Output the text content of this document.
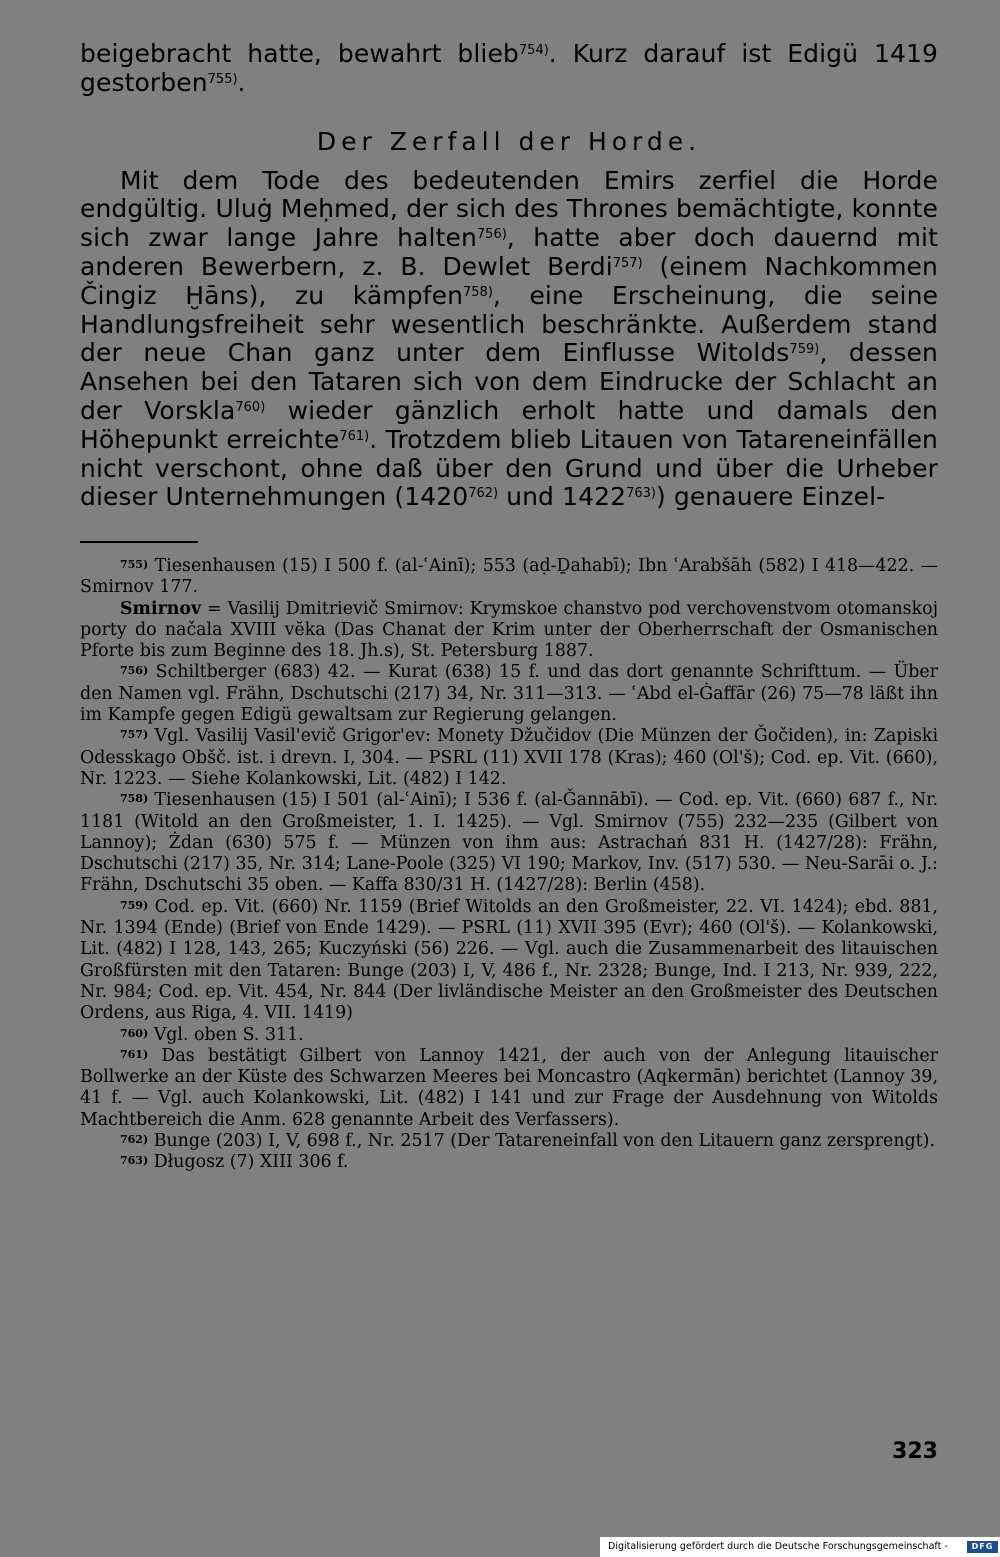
beigebracht hatte, bewahrt blieb$^{754)}$. Kurz darauf ist Edigü 1419 gestorben$^{755)}$.

Der Zerfall der Horde.

Mit dem Tode des bedeutenden Emirs zerfiel die Horde endgültig. Uluġ Meḥmed, der sich des Thrones bemächtigte, konnte sich zwar lange Jahre halten$^{756)}$, hatte aber doch dauernd mit anderen Bewerbern, z. B. Dewlet Berdi$^{757)}$ (einem Nachkommen Čingiz Ḫāns), zu kämpfen$^{758)}$, eine Erscheinung, die seine Handlungsfreiheit sehr wesentlich beschränkte. Außerdem stand der neue Chan ganz unter dem Einflusse Witolds$^{759)}$, dessen Ansehen bei den Tataren sich von dem Eindrucke der Schlacht an der Vorskla$^{760)}$ wieder gänzlich erholt hatte und damals den Höhepunkt erreichte$^{761)}$. Trotzdem blieb Litauen von Tatareneinfällen nicht verschont, ohne daß über den Grund und über die Urheber dieser Unternehmungen (1420$^{762)}$ und 1422$^{763)}$) genauere Einzel-

$^{755)}$ Tiesenhausen (15) I 500 f. (al-ʿAinī); 553 (aḍ-Ḏahabī); Ibn ʿArabšāh (582) I 418—422. — Smirnov 177.

Smirnov = Vasilij Dmitrievič Smirnov: Krymskoe chanstvo pod verchovenstvom otomanskoj porty do načala XVIII vĕka (Das Chanat der Krim unter der Oberherrschaft der Osmanischen Pforte bis zum Beginne des 18. Jh.s), St. Petersburg 1887.

$^{756)}$ Schiltberger (683) 42. — Kurat (638) 15 f. und das dort genannte Schrifttum. — Über den Namen vgl. Frähn, Dschutschi (217) 34, Nr. 311—313. — ʿAbd el-Ġaffār (26) 75—78 läßt ihn im Kampfe gegen Edigü gewaltsam zur Regierung gelangen.

$^{757)}$ Vgl. Vasilij Vasil'evič Grigor'ev: Monety Džučidov (Die Münzen der Ǧočiden), in: Zapiski Odesskago Obšč. ist. i drevn. I, 304. — PSRL (11) XVII 178 (Kras); 460 (Ol'š); Cod. ep. Vit. (660), Nr. 1223. — Siehe Kolankowski, Lit. (482) I 142.

$^{758)}$ Tiesenhausen (15) I 501 (al-ʿAinī); I 536 f. (al-Ǧannābī). — Cod. ep. Vit. (660) 687 f., Nr. 1181 (Witold an den Großmeister, 1. I. 1425). — Vgl. Smirnov (755) 232—235 (Gilbert von Lannoy); Żdan (630) 575 f. — Münzen von ihm aus: Astrachań 831 H. (1427/28): Frähn, Dschutschi (217) 35, Nr. 314; Lane-Poole (325) VI 190; Markov, Inv. (517) 530. — Neu-Sarāi o. J.: Frähn, Dschutschi 35 oben. — Kaffa 830/31 H. (1427/28): Berlin (458).

$^{759)}$ Cod. ep. Vit. (660) Nr. 1159 (Brief Witolds an den Großmeister, 22. VI. 1424); ebd. 881, Nr. 1394 (Ende) (Brief von Ende 1429). — PSRL (11) XVII 395 (Evr); 460 (Ol'š). — Kolankowski, Lit. (482) I 128, 143, 265; Kuczyński (56) 226. — Vgl. auch die Zusammenarbeit des litauischen Großfürsten mit den Tataren: Bunge (203) I, V, 486 f., Nr. 2328; Bunge, Ind. I 213, Nr. 939, 222, Nr. 984; Cod. ep. Vit. 454, Nr. 844 (Der livländische Meister an den Großmeister des Deutschen Ordens, aus Riga, 4. VII. 1419)

$^{760)}$ Vgl. oben S. 311.

$^{761)}$ Das bestätigt Gilbert von Lannoy 1421, der auch von der Anlegung litauischer Bollwerke an der Küste des Schwarzen Meeres bei Moncastro (Aqkermān) berichtet (Lannoy 39, 41 f. — Vgl. auch Kolankowski, Lit. (482) I 141 und zur Frage der Ausdehnung von Witolds Machtbereich die Anm. 628 genannte Arbeit des Verfassers).

$^{762)}$ Bunge (203) I, V, 698 f., Nr. 2517 (Der Tatareneinfall von den Litauern ganz zersprengt).

$^{763)}$ Długosz (7) XIII 306 f.

323
Digitalisierung gefördert durch die Deutsche Forschungsgemeinschaft -	DFG
